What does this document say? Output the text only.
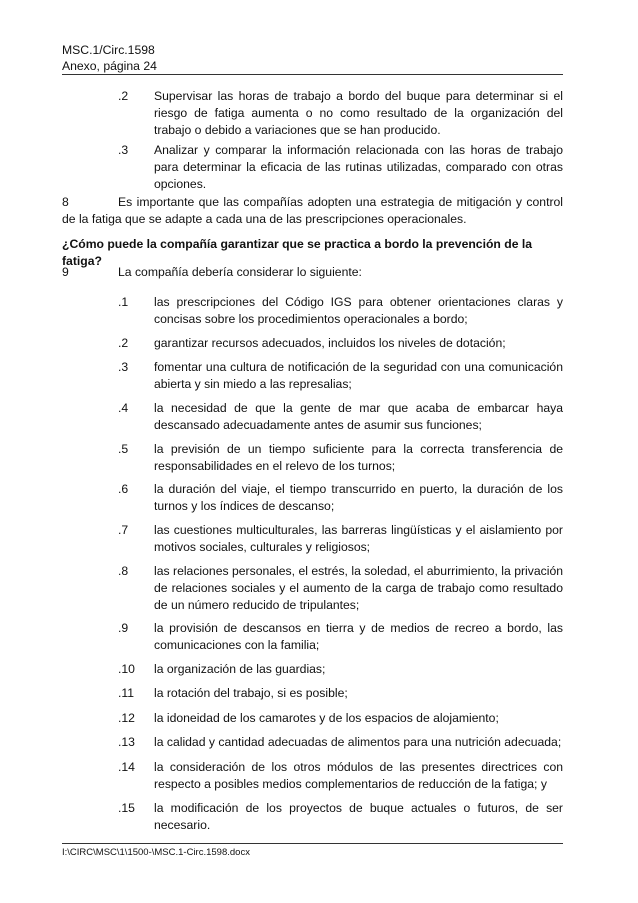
MSC.1/Circ.1598
Anexo, página 24
.2 Supervisar las horas de trabajo a bordo del buque para determinar si el riesgo de fatiga aumenta o no como resultado de la organización del trabajo o debido a variaciones que se han producido.
.3 Analizar y comparar la información relacionada con las horas de trabajo para determinar la eficacia de las rutinas utilizadas, comparado con otras opciones.
8	Es importante que las compañías adopten una estrategia de mitigación y control de la fatiga que se adapte a cada una de las prescripciones operacionales.
¿Cómo puede la compañía garantizar que se practica a bordo la prevención de la fatiga?
9	La compañía debería considerar lo siguiente:
.1 las prescripciones del Código IGS para obtener orientaciones claras y concisas sobre los procedimientos operacionales a bordo;
.2 garantizar recursos adecuados, incluidos los niveles de dotación;
.3 fomentar una cultura de notificación de la seguridad con una comunicación abierta y sin miedo a las represalias;
.4 la necesidad de que la gente de mar que acaba de embarcar haya descansado adecuadamente antes de asumir sus funciones;
.5 la previsión de un tiempo suficiente para la correcta transferencia de responsabilidades en el relevo de los turnos;
.6 la duración del viaje, el tiempo transcurrido en puerto, la duración de los turnos y los índices de descanso;
.7 las cuestiones multiculturales, las barreras lingüísticas y el aislamiento por motivos sociales, culturales y religiosos;
.8 las relaciones personales, el estrés, la soledad, el aburrimiento, la privación de relaciones sociales y el aumento de la carga de trabajo como resultado de un número reducido de tripulantes;
.9 la provisión de descansos en tierra y de medios de recreo a bordo, las comunicaciones con la familia;
.10 la organización de las guardias;
.11 la rotación del trabajo, si es posible;
.12 la idoneidad de los camarotes y de los espacios de alojamiento;
.13 la calidad y cantidad adecuadas de alimentos para una nutrición adecuada;
.14 la consideración de los otros módulos de las presentes directrices con respecto a posibles medios complementarios de reducción de la fatiga; y
.15 la modificación de los proyectos de buque actuales o futuros, de ser necesario.
I:\CIRC\MSC\1\1500-\MSC.1-Circ.1598.docx
